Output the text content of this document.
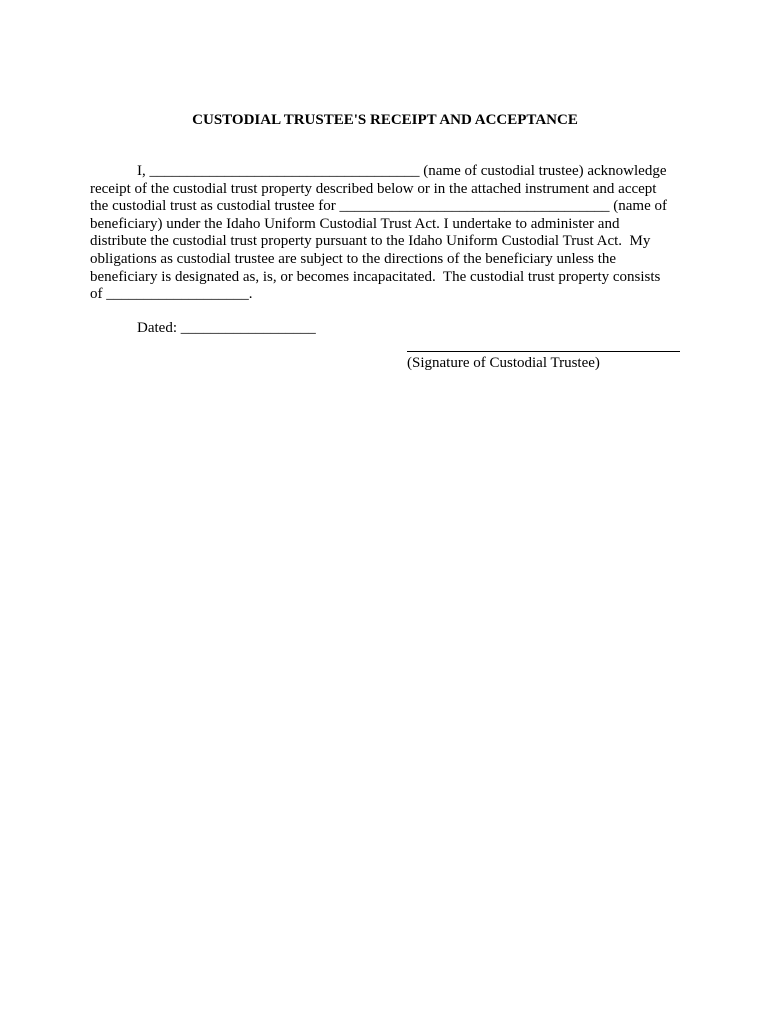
CUSTODIAL TRUSTEE'S RECEIPT AND ACCEPTANCE
I, ____________________________________ (name of custodial trustee) acknowledge
receipt of the custodial trust property described below or in the attached instrument and accept
the custodial trust as custodial trustee for ____________________________________ (name of
beneficiary) under the Idaho Uniform Custodial Trust Act. I undertake to administer and
distribute the custodial trust property pursuant to the Idaho Uniform Custodial Trust Act.  My
obligations as custodial trustee are subject to the directions of the beneficiary unless the
beneficiary is designated as, is, or becomes incapacitated.  The custodial trust property consists
of ___________________.
Dated: __________________
(Signature of Custodial Trustee)
